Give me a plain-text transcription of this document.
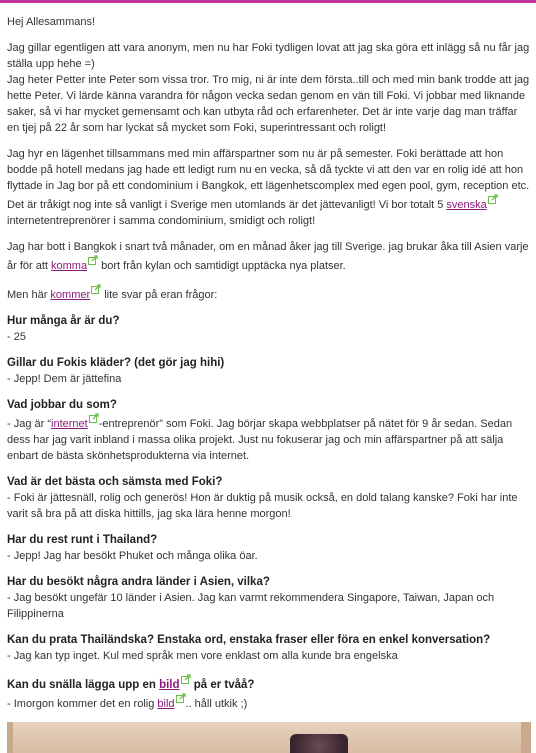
Hej Allesammans!

Jag gillar egentligen att vara anonym, men nu har Foki tydligen lovat att jag ska göra ett inlägg så nu får jag ställa upp hehe =)
Jag heter Petter inte Peter som vissa tror. Tro mig, ni är inte dem första..till och med min bank trodde att jag hette Peter. Vi lärde känna varandra för någon vecka sedan genom en vän till Foki. Vi jobbar med liknande saker, så vi har mycket gemensamt och kan utbyta råd och erfarenheter. Det är inte varje dag man träffar en tjej på 22 år som har lyckat så mycket som Foki, superintressant och roligt!

Jag hyr en lägenhet tillsammans med min affärspartner som nu är på semester. Foki berättade att hon bodde på hotell medans jag hade ett ledigt rum nu en vecka, så då tyckte vi att den var en rolig idé att hon flyttade in Jag bor på ett condominium i Bangkok, ett lägenhetscomplex med egen pool, gym, reception etc. Det är tråkigt nog inte så vanligt i Sverige men utomlands är det jättevanligt! Vi bor totalt 5 svenska internetentreprenörer i samma condominium, smidigt och roligt!

Jag har bott i Bangkok i snart två månader, om en månad åker jag till Sverige. jag brukar åka till Asien varje år för att komma bort från kylan och samtidigt upptäcka nya platser.

Men här kommer lite svar på eran frågor:

Hur många år är du?

- 25

Gillar du Fokis kläder? (det gör jag hihi)

- Jepp! Dem är jättefina

Vad jobbar du som?

- Jag är “internet -entreprenör” som Foki. Jag börjar skapa webbplatser på nätet för 9 år sedan. Sedan dess har jag varit inbland i massa olika projekt. Just nu fokuserar jag och min affärspartner på att sälja enbart de bästa skönhetsprodukterna via internet.

Vad är det bästa och sämsta med Foki?

- Foki är jättesnäll, rolig och generös! Hon är duktig på musik också, en dold talang kanske? Foki har inte varit så bra på att diska hittills, jag ska lära henne morgon!

Har du rest runt i Thailand?

- Jepp! Jag har besökt Phuket och många olika öar.

Har du besökt några andra länder i Asien, vilka?

- Jag besökt ungefär 10 länder i Asien. Jag kan varmt rekommendera Singapore, Taiwan, Japan och Filippinerna

Kan du prata Thailändska? Enstaka ord, enstaka fraser eller föra en enkel konversation?

- Jag kan typ inget. Kul med språk men vore enklast om alla kunde bra engelska

Kan du snälla lägga upp en bild på er tvåå?

- Imorgon kommer det en rolig bild .. håll utkik ;)
